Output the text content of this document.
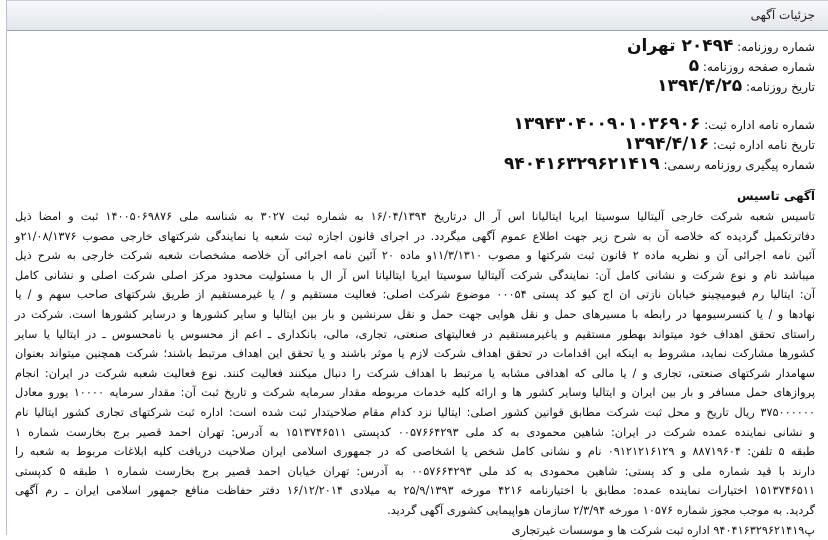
جزئیات آگهی
شماره روزنامه: ۲۰۴۹۴ تهران
شماره صفحه روزنامه: ۵
تاریخ روزنامه: ۱۳۹۴/۴/۲۵
شماره نامه اداره ثبت: ۱۳۹۴۳۰۴۰۰۹۰۱۰۳۶۹۰۶
تاریخ نامه اداره ثبت: ۱۳۹۴/۴/۱۶
شماره پیگیری روزنامه رسمی: ۹۴۰۴۱۶۳۲۹۶۲۱۴۱۹
آگهی تاسیس
تاسیس شعبه شرکت خارجی آلیتالیا سوسیتا ایریا ایتالیانا اس آر ال درتاریخ ۱۶/۰۴/۱۳۹۴ به شماره ثبت ۳۰۲۷ به شناسه ملی ۱۴۰۰۵۰۶۹۸۷۶ ثبت و امضا ذیل
دفاترتکمیل گردیده که خلاصه آن به شرح زیر جهت اطلاع عموم آگهی میگردد. در اجرای قانون اجازه ثبت شعبه یا نمایندگی شرکتهای خارجی مصوب ۲۱/۰۸/۱۳۷۶و
آئین نامه اجرائی آن و نظریه ماده ۲ قانون ثبت شرکتها و مصوب ۱۱/۳/۱۳۱۰و ماده ۲۰ آئین نامه اجرائی آن خلاصه مشخصات شعبه شرکت خارجی به شرح ذیل
میباشد نام و نوع شرکت و نشانی کامل آن: نمایندگی شرکت آلیتالیا سوسیتا ایریا ایتالیانا اس آر ال با مسئولیت محدود مرکز اصلی شرکت اصلی و نشانی کامل
آن: ایتالیا رم فیومیچینو خیابان نازتی ان اج کیو کد پستی ۰۰۰۵۴ موضوع شرکت اصلی: فعالیت مستقیم و / یا غیرمستقیم از طریق شرکتهای صاحب سهم و / یا
نهادها و / یا کنسرسیومها در رابطه با مسیرهای حمل و نقل هوایی جهت حمل و نقل سرنشین و بار بین ایتالیا و سایر کشورها و درسایر کشورها است. شرکت در
راستای تحقق اهداف خود میتواند بهطور مستقیم و یاغیرمستقیم در فعالیتهای صنعتی، تجاری، مالی، بانکداری ـ اعم از محسوس یا نامحسوس ـ در ایتالیا یا سایر
کشورها مشارکت نماید، مشروط به اینکه این اقدامات در تحقق اهداف شرکت لازم یا موثر باشند و یا تحقق این اهداف مرتبط باشند؛ شرکت همچنین میتواند بعنوان
سهامدار شرکتهای صنعتی، تجاری و / یا مالی که اهدافی مشابه یا مرتبط با اهداف شرکت را دنبال میکنند فعالیت کنند. نوع فعالیت شعبه شرکت در ایران: انجام
پروازهای حمل مسافر و بار بین ایران و ایتالیا وسایر کشور ها و ارائه کلیه خدمات مربوطه مقدار سرمایه شرکت و تاریخ ثبت آن: مقدار سرمایه ۱۰۰۰۰ یورو معادل
۳۷۵۰۰۰۰۰۰ ریال تاریخ و محل ثبت شرکت مطابق قوانین کشور اصلی: ایتالیا نزد کدام مقام صلاحیتدار ثبت شده است: اداره ثبت شرکتهای تجاری کشور ایتالیا نام
و نشانی نماینده عمده شرکت در ایران: شاهین محمودی به کد ملی ۰۰۵۷۶۶۴۲۹۳ کدپستی ۱۵۱۳۷۴۶۵۱۱ به آدرس: تهران احمد قصیر برج بخارست شماره ۱
طبقه ۵ تلفن: ۸۸۷۱۹۶۰۴ و ۰۹۱۲۱۲۱۶۱۲۹ نام و نشانی کامل شخص یا اشخاصی که در جمهوری اسلامی ایران صلاحیت دریافت کلیه ابلاغات مربوط به شعبه را
دارند با قید شماره ملی و کد پستی: شاهین محمودی به کد ملی ۰۰۵۷۶۶۴۲۹۳ به آدرس: تهران خیابان احمد قصیر برج بخارست شماره ۱ طبقه ۵ کدپستی
۱۵۱۳۷۴۶۵۱۱ اختیارات نماینده عمده: مطابق با اختیارنامه ۴۲۱۶ مورخه ۲۵/۹/۱۳۹۳ به میلادی ۱۶/۱۲/۲۰۱۴ دفتر حفاظت منافع جمهور اسلامی ایران ـ رم آگهی
گردید. به موجب مجوز شماره ۱۰۵۷۶ مورخه ۲/۳/۹۴ سازمان هواپیمایی کشوری آگهی گردید.
پ۹۴۰۴۱۶۳۲۹۶۲۱۴۱۹ اداره ثبت شرکت ها و موسسات غیرتجاری
